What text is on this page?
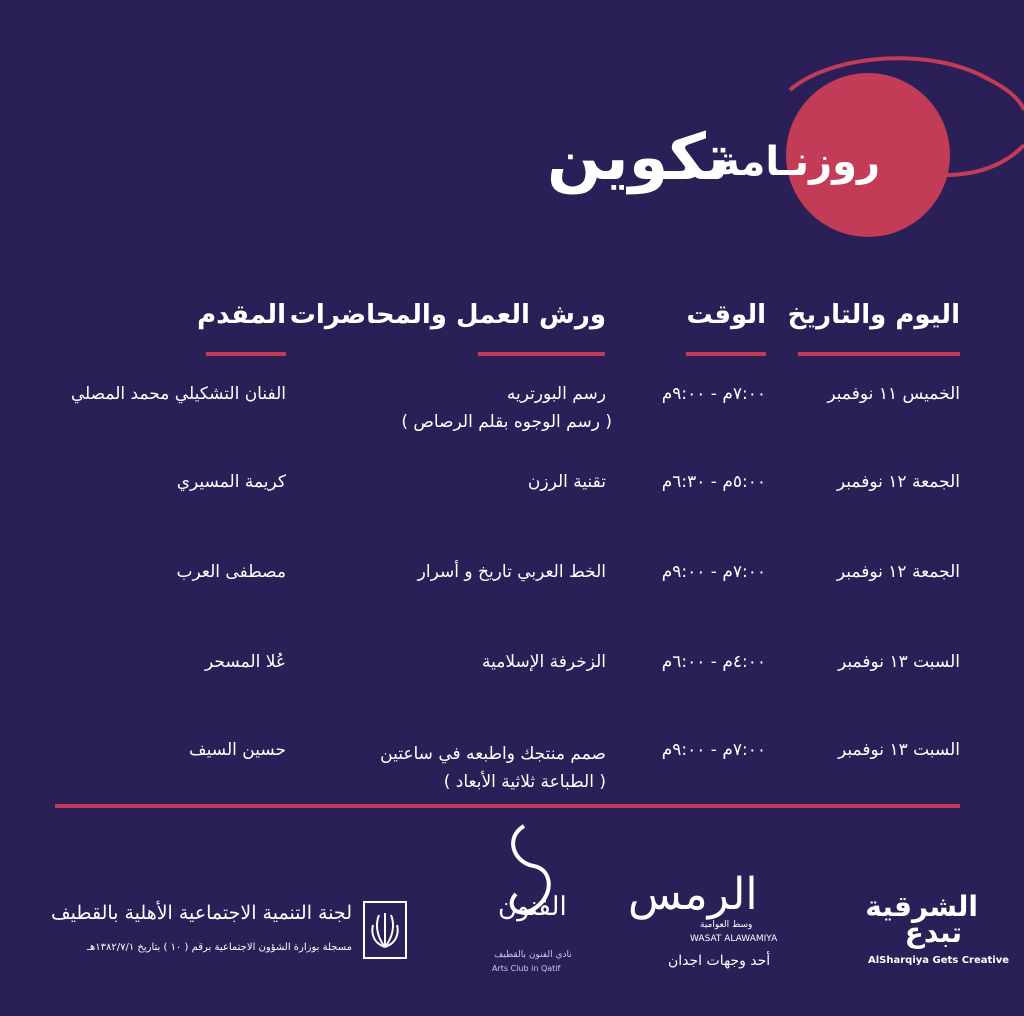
تكوين
روزنـامة
اليوم والتاريخ
الوقت
ورش العمل والمحاضرات
المقدم
الخميس ١١ نوفمبر
٧:٠٠م - ٩:٠٠م
رسم البورتريه
( رسم الوجوه بقلم الرصاص )
الفنان التشكيلي محمد المصلي
الجمعة ١٢ نوفمبر
٥:٠٠م - ٦:٣٠م
تقنية الرزن
كريمة المسيري
الجمعة ١٢ نوفمبر
٧:٠٠م - ٩:٠٠م
الخط العربي تاريخ و أسرار
مصطفى العرب
السبت ١٣ نوفمبر
٤:٠٠م - ٦:٠٠م
الزخرفة الإسلامية
عُلا المسحر
السبت ١٣ نوفمبر
٧:٠٠م - ٩:٠٠م
صمم منتجك واطبعه في ساعتين
( الطباعة ثلاثية الأبعاد )
حسين السيف
الشرقية
تبدع
AlSharqiya Gets Creative
الرمس
وسط العوامية
WASAT ALAWAMIYA
أحد وجهات اجدان
الفنون
نادي الفنون بالقطيف
Arts Club in Qatif
لجنة التنمية الاجتماعية الأهلية بالقطيف
مسجلة بوزارة الشؤون الاجتماعية برقم ( ١٠ ) بتاريخ ١٣٨٢/٧/١هـ
